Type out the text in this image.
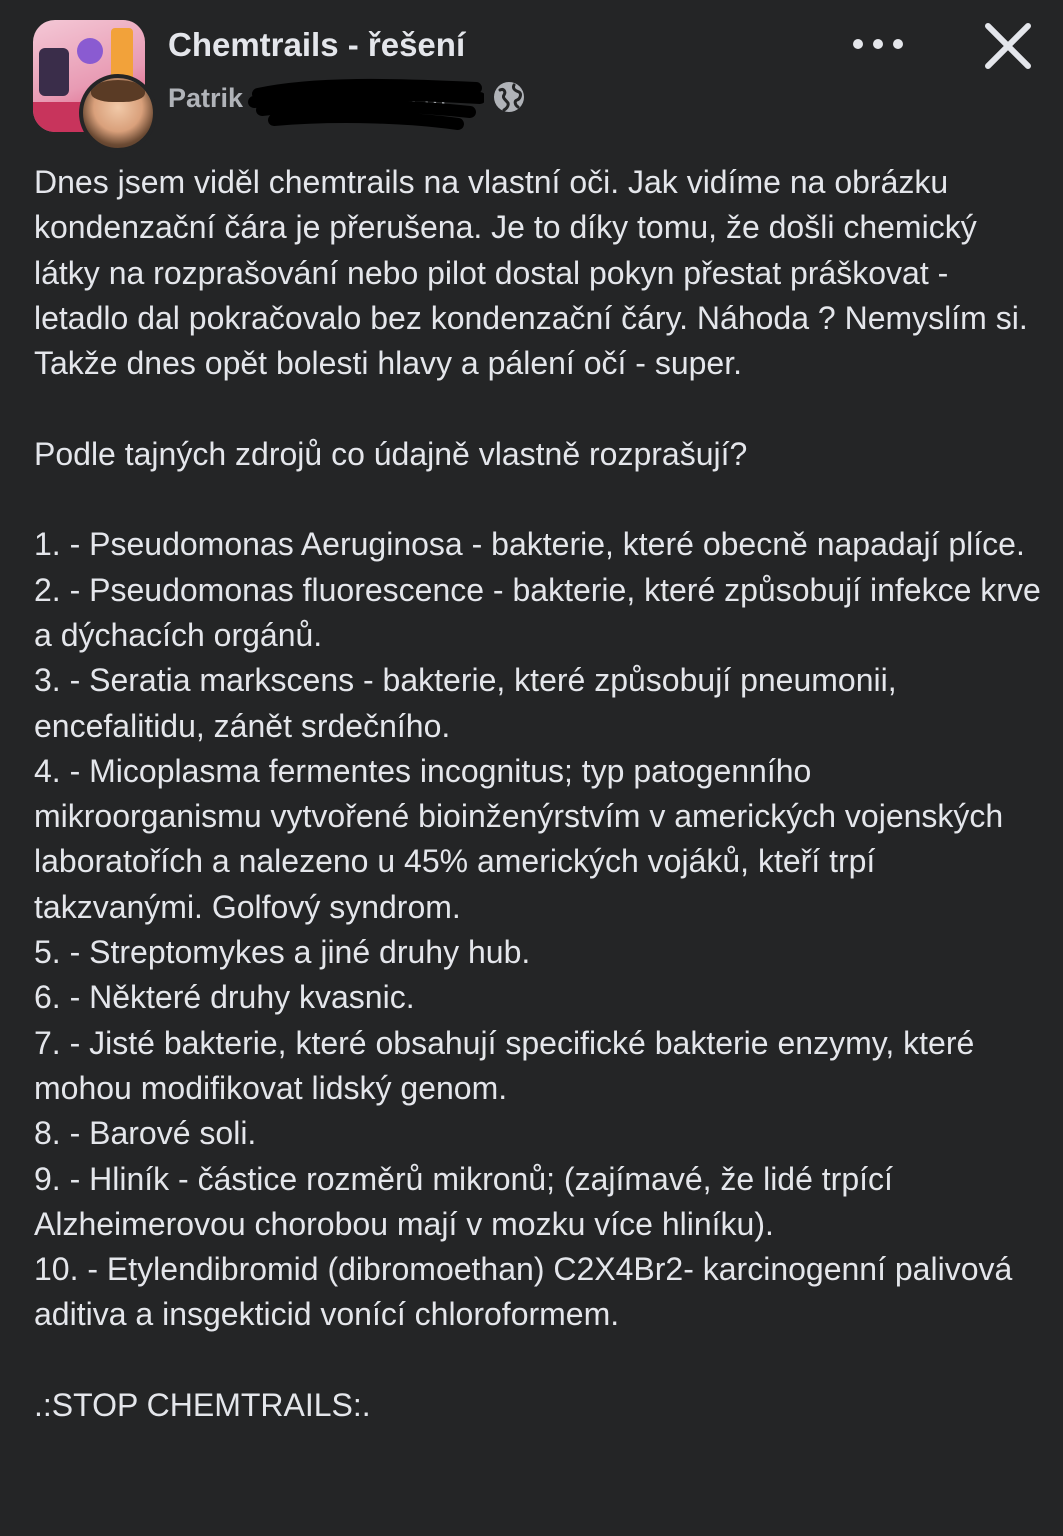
Chemtrails - řešení
Patrik	b m ·

Dnes jsem viděl chemtrails na vlastní oči. Jak vidíme na obrázku kondenzační čára je přerušena. Je to díky tomu, že došli chemický látky na rozprašování nebo pilot dostal pokyn přestat práškovat - letadlo dal pokračovalo bez kondenzační čáry. Náhoda ? Nemyslím si. Takže dnes opět bolesti hlavy a pálení očí - super.

Podle tajných zdrojů co údajně vlastně rozprašují?

1. - Pseudomonas Aeruginosa - bakterie, které obecně napadají plíce.

2. - Pseudomonas fluorescence - bakterie, které způsobují infekce krve a dýchacích orgánů.

3. - Seratia markscens - bakterie, které způsobují pneumonii, encefalitidu, zánět srdečního.

4. - Micoplasma fermentes incognitus; typ patogenního mikroorganismu vytvořené bioinženýrstvím v amerických vojenských laboratořích a nalezeno u 45% amerických vojáků, kteří trpí takzvanými. Golfový syndrom.

5. - Streptomykes a jiné druhy hub.

6. - Některé druhy kvasnic.

7. - Jisté bakterie, které obsahují specifické bakterie enzymy, které mohou modifikovat lidský genom.

8. - Barové soli.

9. - Hliník - částice rozměrů mikronů; (zajímavé, že lidé trpící Alzheimerovou chorobou mají v mozku více hliníku).

10. - Etylendibromid (dibromoethan) C2X4Br2- karcinogenní palivová aditiva a insgekticid vonící chloroformem.

.:STOP CHEMTRAILS:.
